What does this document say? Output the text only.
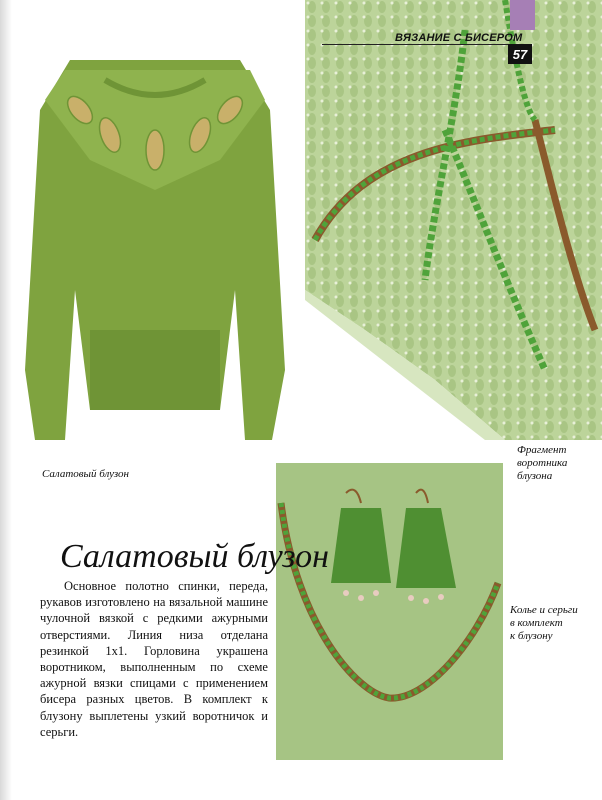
ВЯЗАНИЕ С БИСЕРОМ
57
Салатовый блузон
Фрагмент
воротника
блузона
Колье и серьги
в комплект
к блузону
Салатовый блузон
Основное полотно спинки, переда, рукавов изготовлено на вязальной машине чулочной вязкой с редкими ажурными отверстиями. Линия низа отделана резинкой 1х1. Горловина украшена воротником, выполненным по схеме ажурной вязки спицами с применением бисера разных цветов. В комплект к блузону выплетены узкий воротничок и серьги.
